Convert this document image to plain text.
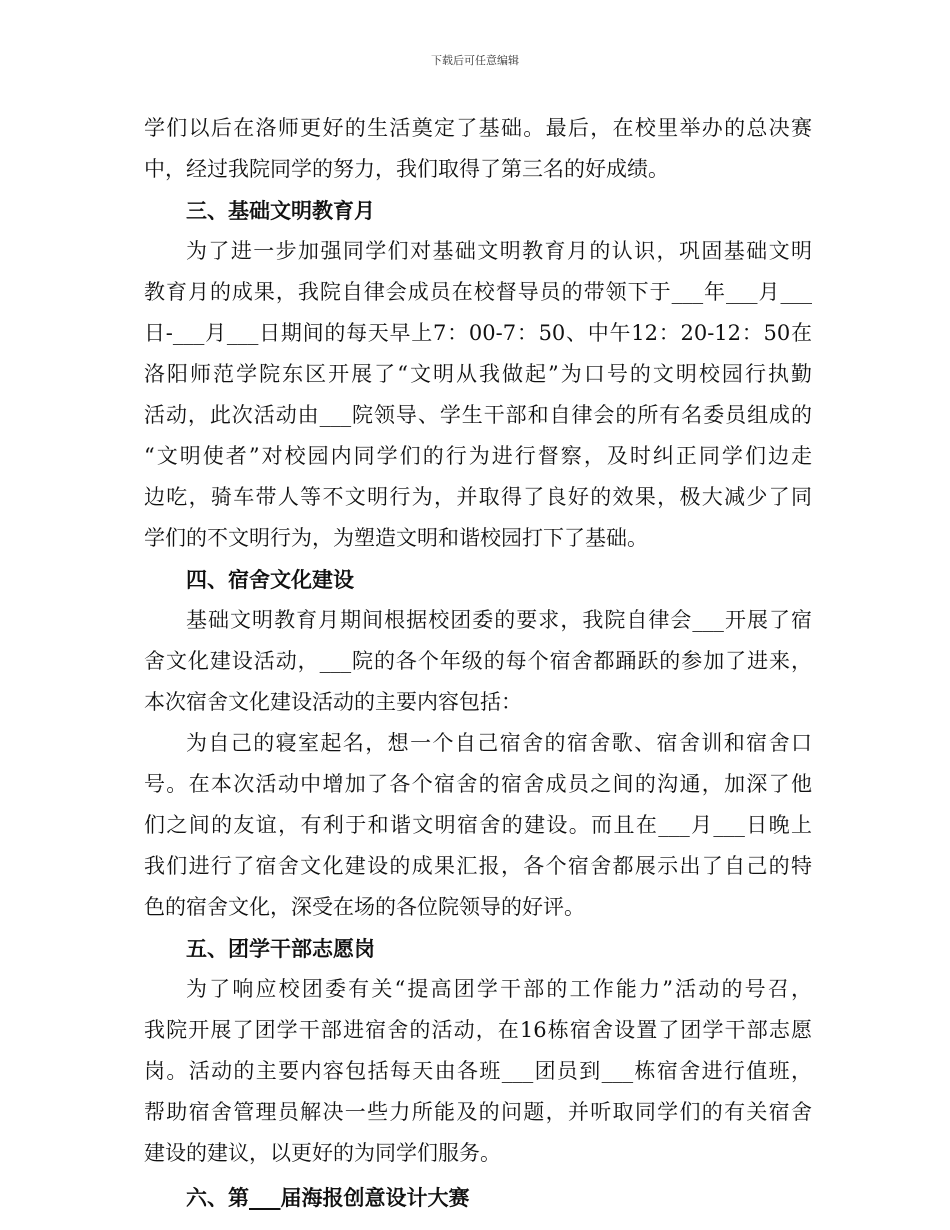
下载后可任意编辑
学们以后在洛师更好的生活奠定了基础。最后，在校里举办的总决赛
中，经过我院同学的努力，我们取得了第三名的好成绩。
三、基础文明教育月
为了进一步加强同学们对基础文明教育月的认识，巩固基础文明
教育月的成果，我院自律会成员在校督导员的带领下于___年___月___
日-___月___日期间的每天早上7：00-7：50、中午12：20-12：50在
洛阳师范学院东区开展了“文明从我做起”为口号的文明校园行执勤
活动，此次活动由___院领导、学生干部和自律会的所有名委员组成的
“文明使者”对校园内同学们的行为进行督察，及时纠正同学们边走
边吃，骑车带人等不文明行为，并取得了良好的效果，极大减少了同
学们的不文明行为，为塑造文明和谐校园打下了基础。
四、宿舍文化建设
基础文明教育月期间根据校团委的要求，我院自律会___开展了宿
舍文化建设活动，___院的各个年级的每个宿舍都踊跃的参加了进来，
本次宿舍文化建设活动的主要内容包括：
为自己的寝室起名，想一个自己宿舍的宿舍歌、宿舍训和宿舍口
号。在本次活动中增加了各个宿舍的宿舍成员之间的沟通，加深了他
们之间的友谊，有利于和谐文明宿舍的建设。而且在___月___日晚上
我们进行了宿舍文化建设的成果汇报，各个宿舍都展示出了自己的特
色的宿舍文化，深受在场的各位院领导的好评。
五、团学干部志愿岗
为了响应校团委有关“提高团学干部的工作能力”活动的号召，
我院开展了团学干部进宿舍的活动，在16栋宿舍设置了团学干部志愿
岗。活动的主要内容包括每天由各班___团员到___栋宿舍进行值班，
帮助宿舍管理员解决一些力所能及的问题，并听取同学们的有关宿舍
建设的建议，以更好的为同学们服务。
六、第___届海报创意设计大赛
